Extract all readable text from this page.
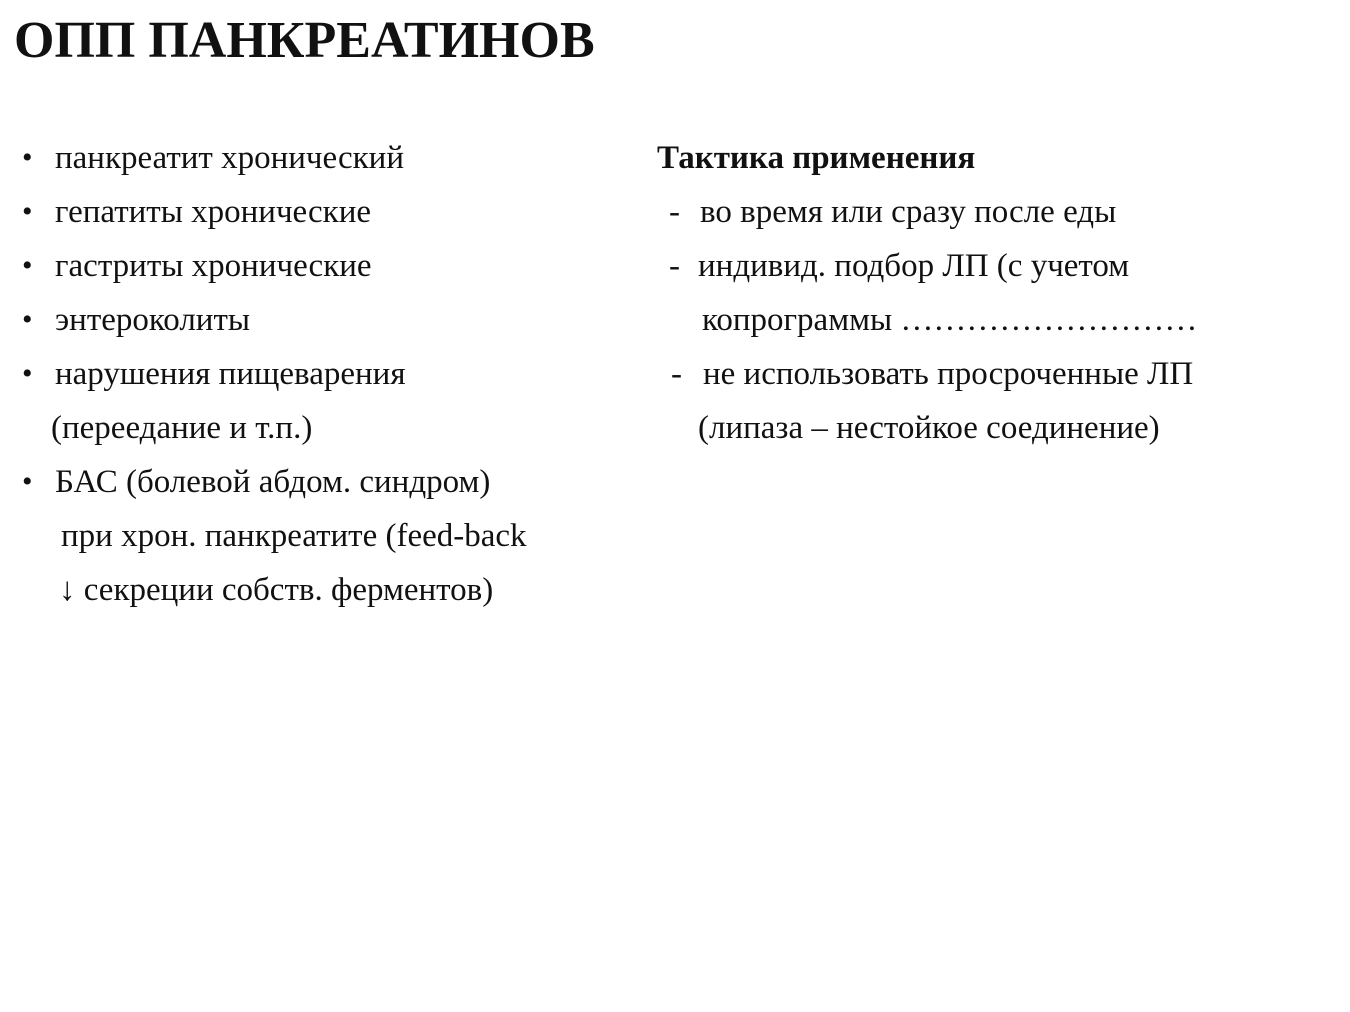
ОПП ПАНКРЕАТИНОВ
• панкреатит хронический
• гепатиты хронические
• гастриты хронические
• энтероколиты
• нарушения пищеварения
(переедание и т.п.)
• БАС (болевой абдом. синдром)
при хрон. панкреатите (feed-back
↓ секреции собств. ферментов)
Тактика применения
- во время или сразу после еды
- индивид. подбор ЛП (с учетом
копрограммы ………………………
- не использовать просроченные ЛП
(липаза – нестойкое соединение)
